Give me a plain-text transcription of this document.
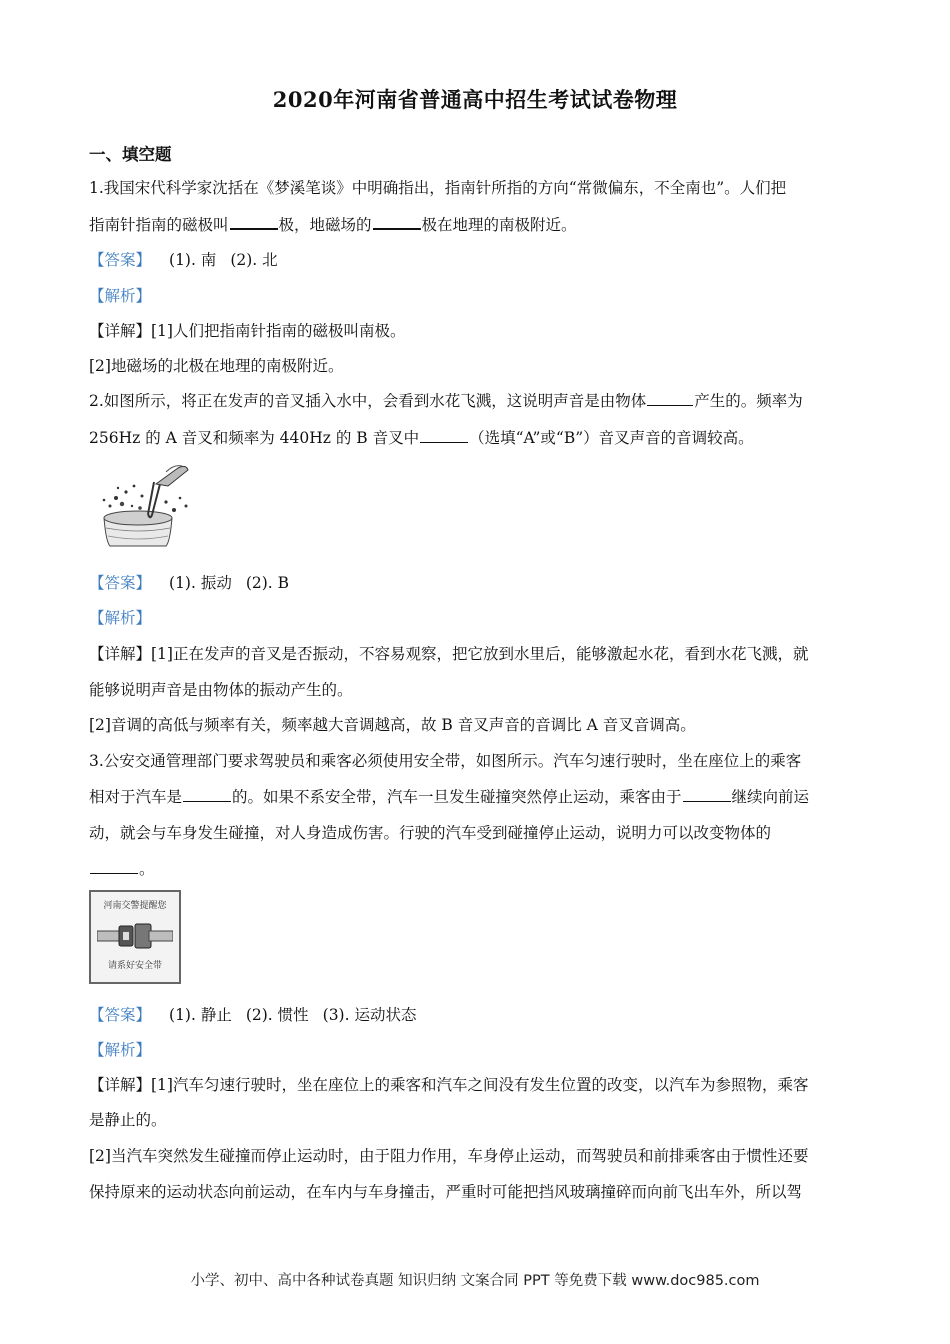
2020年河南省普通高中招生考试试卷物理
一、填空题
1.我国宋代科学家沈括在《梦溪笔谈》中明确指出，指南针所指的方向“常微偏东，不全南也”。人们把
指南针指南的磁极叫	极，地磁场的	极在地理的南极附近。
【答案】 (1). 南 (2). 北
【解析】
【详解】[1]人们把指南针指南的磁极叫南极。
[2]地磁场的北极在地理的南极附近。
2.如图所示，将正在发声的音叉插入水中，会看到水花飞溅，这说明声音是由物体	产生的。频率为
256Hz 的 A 音叉和频率为 440Hz 的 B 音叉中	（选填“A”或“B”）音叉声音的音调较高。
【答案】 (1). 振动 (2). B
【解析】
【详解】[1]正在发声的音叉是否振动，不容易观察，把它放到水里后，能够激起水花，看到水花飞溅，就
能够说明声音是由物体的振动产生的。
[2]音调的高低与频率有关，频率越大音调越高，故 B 音叉声音的音调比 A 音叉音调高。
3.公安交通管理部门要求驾驶员和乘客必须使用安全带，如图所示。汽车匀速行驶时，坐在座位上的乘客
相对于汽车是	的。如果不系安全带，汽车一旦发生碰撞突然停止运动，乘客由于	继续向前运
动，就会与车身发生碰撞，对人身造成伤害。行驶的汽车受到碰撞停止运动，说明力可以改变物体的
。
河南交警提醒您
请系好安全带
【答案】 (1). 静止 (2). 惯性 (3). 运动状态
【解析】
【详解】[1]汽车匀速行驶时，坐在座位上的乘客和汽车之间没有发生位置的改变，以汽车为参照物，乘客
是静止的。
[2]当汽车突然发生碰撞而停止运动时，由于阻力作用，车身停止运动，而驾驶员和前排乘客由于惯性还要
保持原来的运动状态向前运动，在车内与车身撞击，严重时可能把挡风玻璃撞碎而向前飞出车外，所以驾
小学、初中、高中各种试卷真题 知识归纳 文案合同 PPT 等免费下载 www.doc985.com
